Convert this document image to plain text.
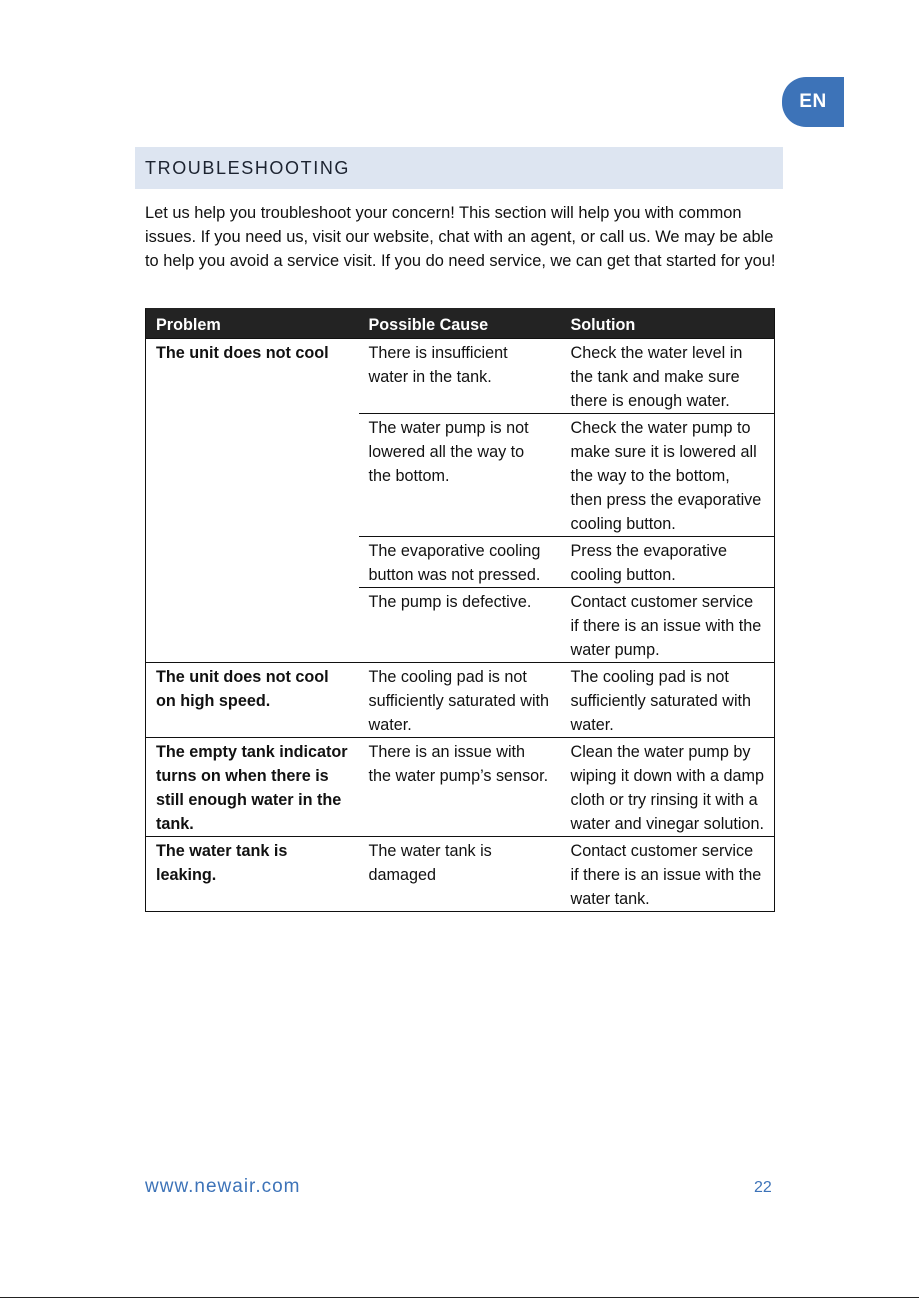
EN
TROUBLESHOOTING

Let us help you troubleshoot your concern! This section will help you with common issues. If you need us, visit our website, chat with an agent, or call us. We may be able to help you avoid a service visit. If you do need service, we can get that started for you!

Problem	Possible Cause	Solution
The unit does not cool	There is insufficient water in the tank.	Check the water level in the tank and make sure there is enough water.
	The water pump is not lowered all the way to the bottom.	Check the water pump to make sure it is lowered all the way to the bottom, then press the evaporative cooling button.
	The evaporative cooling button was not pressed.	Press the evaporative cooling button.
	The pump is defective.	Contact customer service if there is an issue with the water pump.
The unit does not cool on high speed.	The cooling pad is not sufficiently saturated with water.	The cooling pad is not sufficiently saturated with water.
The empty tank indicator turns on when there is still enough water in the tank.	There is an issue with the water pump’s sensor.	Clean the water pump by wiping it down with a damp cloth or try rinsing it with a water and vinegar solution.
The water tank is leaking.	The water tank is damaged	Contact customer service if there is an issue with the water tank.
www.newair.com	22
